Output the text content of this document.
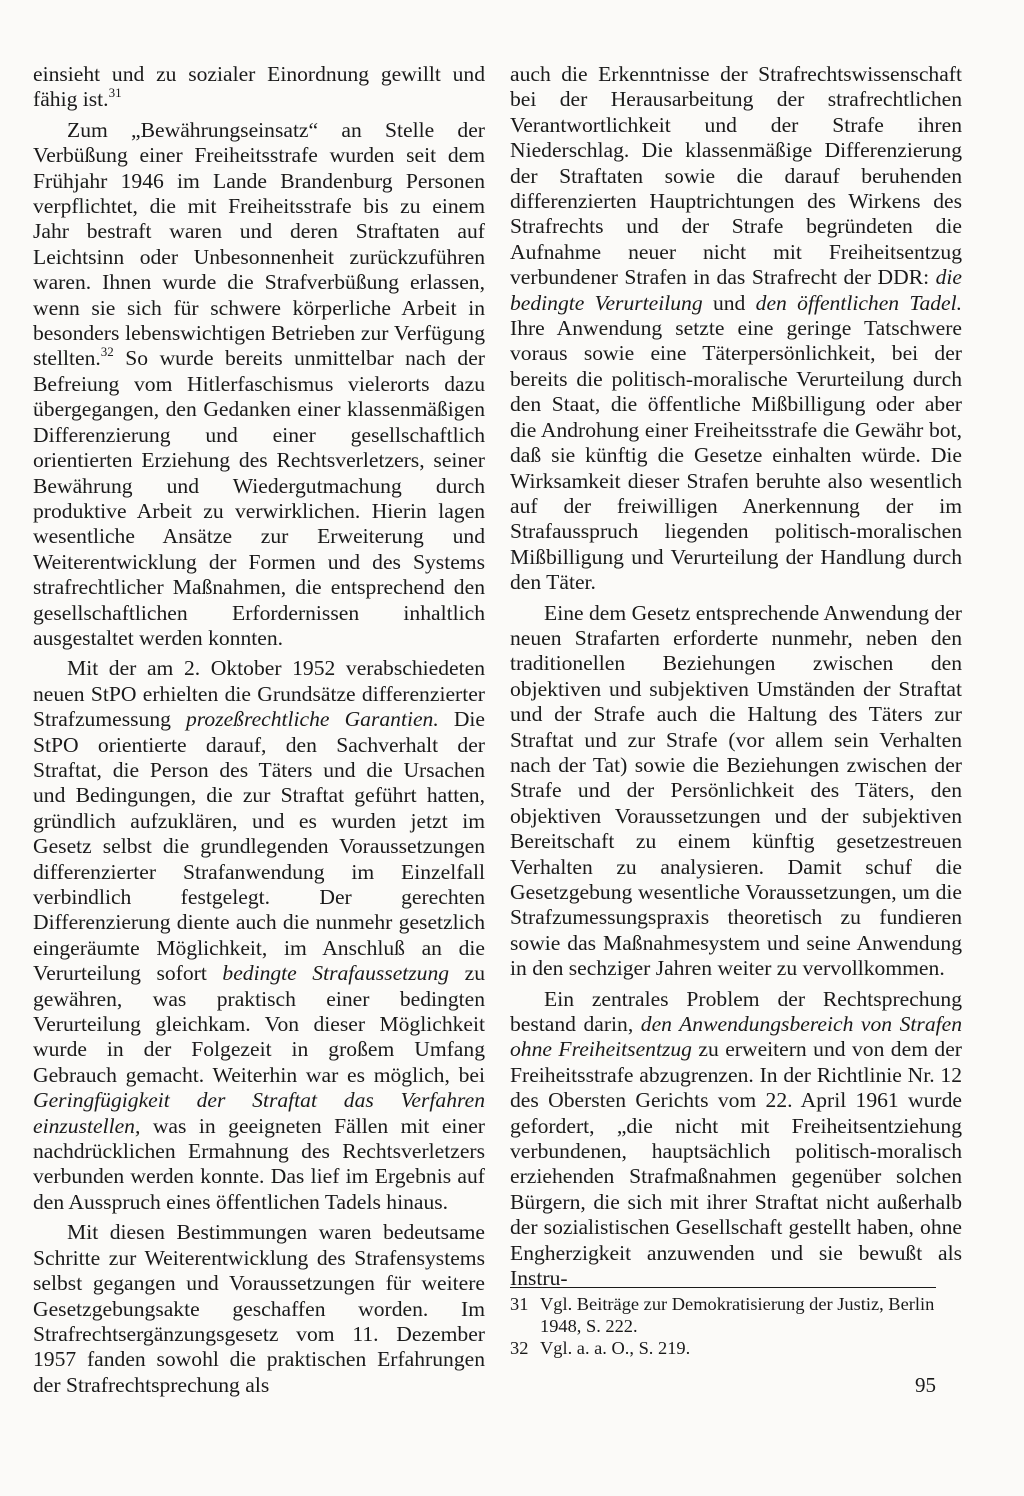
einsieht und zu sozialer Einordnung gewillt und fähig ist.$^{31}$

Zum „Bewährungseinsatz“ an Stelle der Verbüßung einer Freiheitsstrafe wurden seit dem Frühjahr 1946 im Lande Brandenburg Personen verpflichtet, die mit Freiheitsstrafe bis zu einem Jahr bestraft waren und deren Straftaten auf Leichtsinn oder Unbesonnenheit zurückzuführen waren. Ihnen wurde die Strafverbüßung erlassen, wenn sie sich für schwere körperliche Arbeit in besonders lebenswichtigen Betrieben zur Verfügung stellten.$^{32}$ So wurde bereits unmittelbar nach der Befreiung vom Hitlerfaschismus vielerorts dazu übergegangen, den Gedanken einer klassenmäßigen Differenzierung und einer gesellschaftlich orientierten Erziehung des Rechtsverletzers, seiner Bewährung und Wiedergutmachung durch produktive Arbeit zu verwirklichen. Hierin lagen wesentliche Ansätze zur Erweiterung und Weiterentwicklung der Formen und des Systems strafrechtlicher Maßnahmen, die entsprechend den gesellschaftlichen Erfordernissen inhaltlich ausgestaltet werden konnten.

Mit der am 2. Oktober 1952 verabschiedeten neuen StPO erhielten die Grundsätze differenzierter Strafzumessung prozeßrechtliche Garantien. Die StPO orientierte darauf, den Sachverhalt der Straftat, die Person des Täters und die Ursachen und Bedingungen, die zur Straftat geführt hatten, gründlich aufzuklären, und es wurden jetzt im Gesetz selbst die grundlegenden Voraussetzungen differenzierter Strafanwendung im Einzelfall verbindlich festgelegt. Der gerechten Differenzierung diente auch die nunmehr gesetzlich eingeräumte Möglichkeit, im Anschluß an die Verurteilung sofort bedingte Strafaussetzung zu gewähren, was praktisch einer bedingten Verurteilung gleichkam. Von dieser Möglichkeit wurde in der Folgezeit in großem Umfang Gebrauch gemacht. Weiterhin war es möglich, bei Geringfügigkeit der Straftat das Verfahren einzustellen, was in geeigneten Fällen mit einer nachdrücklichen Ermahnung des Rechtsverletzers verbunden werden konnte. Das lief im Ergebnis auf den Ausspruch eines öffentlichen Tadels hinaus.

Mit diesen Bestimmungen waren bedeutsame Schritte zur Weiterentwicklung des Strafensystems selbst gegangen und Voraussetzungen für weitere Gesetzgebungsakte geschaffen worden. Im Strafrechtsergänzungsgesetz vom 11. Dezember 1957 fanden sowohl die praktischen Erfahrungen der Strafrechtsprechung als

auch die Erkenntnisse der Strafrechtswissenschaft bei der Herausarbeitung der strafrechtlichen Verantwortlichkeit und der Strafe ihren Niederschlag. Die klassenmäßige Differenzierung der Straftaten sowie die darauf beruhenden differenzierten Hauptrichtungen des Wirkens des Strafrechts und der Strafe begründeten die Aufnahme neuer nicht mit Freiheitsentzug verbundener Strafen in das Strafrecht der DDR: die bedingte Verurteilung und den öffentlichen Tadel. Ihre Anwendung setzte eine geringe Tatschwere voraus sowie eine Täterpersönlichkeit, bei der bereits die politisch-moralische Verurteilung durch den Staat, die öffentliche Mißbilligung oder aber die Androhung einer Freiheitsstrafe die Gewähr bot, daß sie künftig die Gesetze einhalten würde. Die Wirksamkeit dieser Strafen beruhte also wesentlich auf der freiwilligen Anerkennung der im Strafausspruch liegenden politisch-moralischen Mißbilligung und Verurteilung der Handlung durch den Täter.

Eine dem Gesetz entsprechende Anwendung der neuen Strafarten erforderte nunmehr, neben den traditionellen Beziehungen zwischen den objektiven und subjektiven Umständen der Straftat und der Strafe auch die Haltung des Täters zur Straftat und zur Strafe (vor allem sein Verhalten nach der Tat) sowie die Beziehungen zwischen der Strafe und der Persönlichkeit des Täters, den objektiven Voraussetzungen und der subjektiven Bereitschaft zu einem künftig gesetzestreuen Verhalten zu analysieren. Damit schuf die Gesetzgebung wesentliche Voraussetzungen, um die Strafzumessungspraxis theoretisch zu fundieren sowie das Maßnahmesystem und seine Anwendung in den sechziger Jahren weiter zu vervollkommen.

Ein zentrales Problem der Rechtsprechung bestand darin, den Anwendungsbereich von Strafen ohne Freiheitsentzug zu erweitern und von dem der Freiheitsstrafe abzugrenzen. In der Richtlinie Nr. 12 des Obersten Gerichts vom 22. April 1961 wurde gefordert, „die nicht mit Freiheitsentziehung verbundenen, hauptsächlich politisch-moralisch erziehenden Strafmaßnahmen gegenüber solchen Bürgern, die sich mit ihrer Straftat nicht außerhalb der sozialistischen Gesellschaft gestellt haben, ohne Engherzigkeit anzuwenden und sie bewußt als Instru-

31 Vgl. Beiträge zur Demokratisierung der Justiz, Berlin 1948, S. 222.
32 Vgl. a. a. O., S. 219.
95
